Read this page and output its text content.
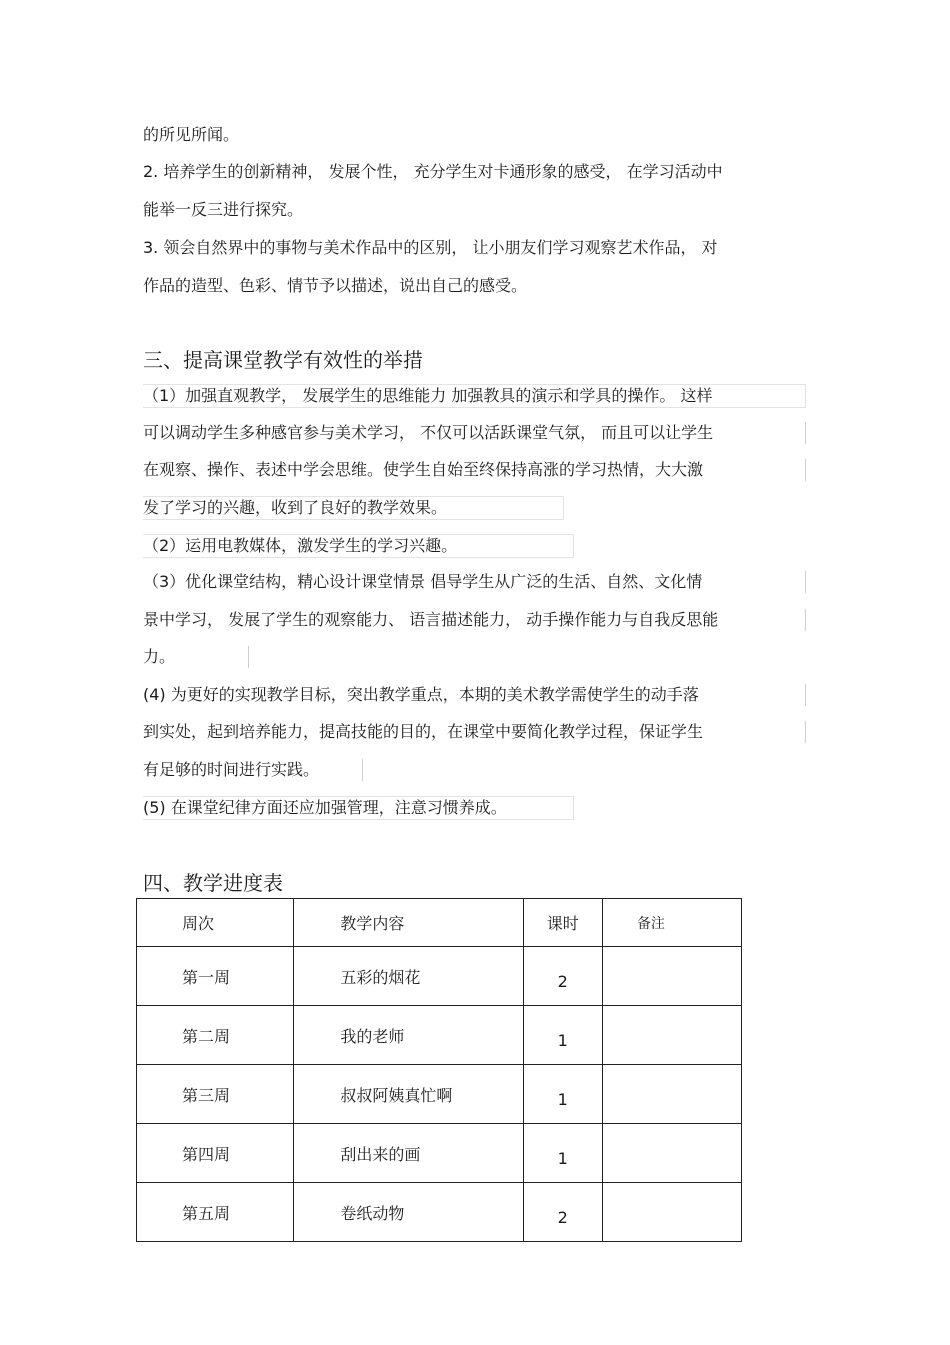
的所见所闻。
2. 培养学生的创新精神， 发展个性， 充分学生对卡通形象的感受， 在学习活动中
能举一反三进行探究。
3. 领会自然界中的事物与美术作品中的区别， 让小朋友们学习观察艺术作品， 对
作品的造型、色彩、情节予以描述，说出自己的感受。
三、提高课堂教学有效性的举措
（1）加强直观教学， 发展学生的思维能力 加强教具的演示和学具的操作。 这样
可以调动学生多种感官参与美术学习， 不仅可以活跃课堂气氛， 而且可以让学生
在观察、操作、表述中学会思维。使学生自始至终保持高涨的学习热情，大大激
发了学习的兴趣，收到了良好的教学效果。
（2）运用电教媒体，激发学生的学习兴趣。
（3）优化课堂结构，精心设计课堂情景 倡导学生从广泛的生活、自然、文化情
景中学习， 发展了学生的观察能力、 语言描述能力， 动手操作能力与自我反思能
力。
(4) 为更好的实现教学目标，突出教学重点，本期的美术教学需使学生的动手落
到实处，起到培养能力，提高技能的目的，在课堂中要简化教学过程，保证学生
有足够的时间进行实践。
(5) 在课堂纪律方面还应加强管理，注意习惯养成。
四、教学进度表
周次	教学内容	课时	备注
第一周	五彩的烟花	2	
第二周	我的老师	1	
第三周	叔叔阿姨真忙啊	1	
第四周	刮出来的画	1	
第五周	卷纸动物	2	
